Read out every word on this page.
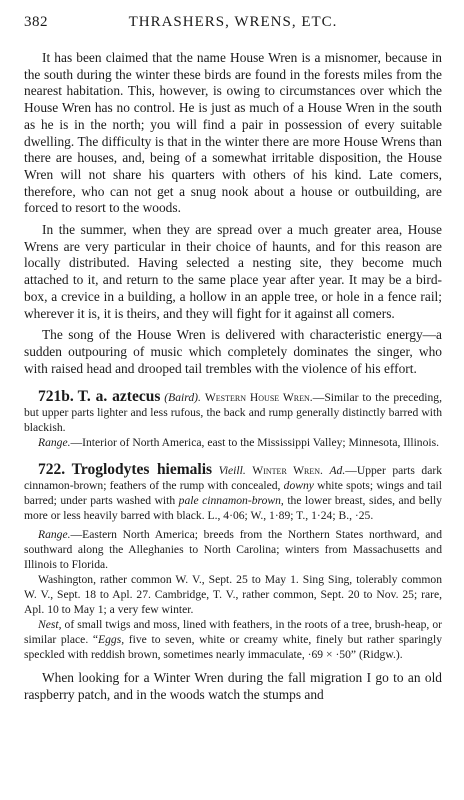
382	THRASHERS, WRENS, ETC.

It has been claimed that the name House Wren is a misnomer, because in the south during the winter these birds are found in the forests miles from the nearest habitation. This, however, is owing to circumstances over which the House Wren has no control. He is just as much of a House Wren in the south as he is in the north; you will find a pair in possession of every suitable dwelling. The difficulty is that in the winter there are more House Wrens than there are houses, and, being of a somewhat irritable disposition, the House Wren will not share his quarters with others of his kind. Late comers, therefore, who can not get a snug nook about a house or outbuilding, are forced to resort to the woods.

In the summer, when they are spread over a much greater area, House Wrens are very particular in their choice of haunts, and for this reason are locally distributed. Having selected a nesting site, they become much attached to it, and return to the same place year after year. It may be a bird-box, a crevice in a building, a hollow in an apple tree, or hole in a fence rail; wherever it is, it is theirs, and they will fight for it against all comers.

The song of the House Wren is delivered with characteristic energy—a sudden outpouring of music which completely dominates the singer, who with raised head and drooped tail trembles with the violence of his effort.

721b. T. a. aztecus (Baird). Western House Wren.—Similar to the preceding, but upper parts lighter and less rufous, the back and rump generally distinctly barred with blackish.

Range.—Interior of North America, east to the Mississippi Valley; Minnesota, Illinois.

722. Troglodytes hiemalis Vieill. Winter Wren. Ad.—Upper parts dark cinnamon-brown; feathers of the rump with concealed, downy white spots; wings and tail barred; under parts washed with pale cinnamon-brown, the lower breast, sides, and belly more or less heavily barred with black. L., 4·06; W., 1·89; T., 1·24; B., ·25.

Range.—Eastern North America; breeds from the Northern States northward, and southward along the Alleghanies to North Carolina; winters from Massachusetts and Illinois to Florida.

Washington, rather common W. V., Sept. 25 to May 1. Sing Sing, tolerably common W. V., Sept. 18 to Apl. 27. Cambridge, T. V., rather common, Sept. 20 to Nov. 25; rare, Apl. 10 to May 1; a very few winter.

Nest, of small twigs and moss, lined with feathers, in the roots of a tree, brush-heap, or similar place. “Eggs, five to seven, white or creamy white, finely but rather sparingly speckled with reddish brown, sometimes nearly immaculate, ·69 × ·50” (Ridgw.).

When looking for a Winter Wren during the fall migration I go to an old raspberry patch, and in the woods watch the stumps and
